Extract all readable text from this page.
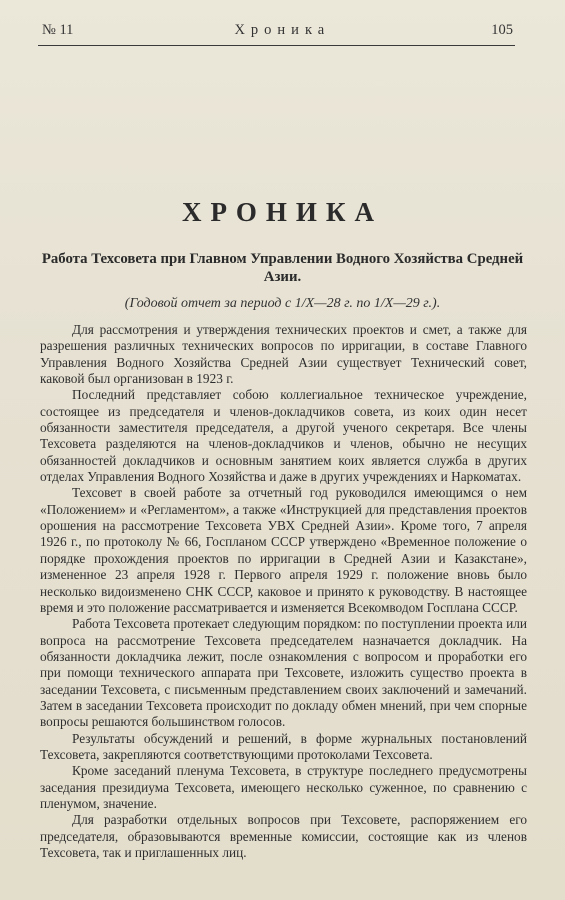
№ 11	Хроника	105
ХРОНИКА
Работа Техсовета при Главном Управлении Водного Хозяйства Средней Азии.
(Годовой отчет за период с 1/X—28 г. по 1/X—29 г.).

Для рассмотрения и утверждения технических проектов и смет, а также для разрешения различных технических вопросов по ирригации, в составе Главного Управления Водного Хозяйства Средней Азии существует Технический совет, каковой был организован в 1923 г.

Последний представляет собою коллегиальное техническое учреждение, состоящее из председателя и членов-докладчиков совета, из коих один несет обязанности заместителя председателя, а другой ученого секретаря. Все члены Техсовета разделяются на членов-докладчиков и членов, обычно не несущих обязанностей докладчиков и основным занятием коих является служба в других отделах Управления Водного Хозяйства и даже в других учреждениях и Наркоматах.

Техсовет в своей работе за отчетный год руководился имеющимся о нем «Положением» и «Регламентом», а также «Инструкцией для представления проектов орошения на рассмотрение Техсовета УВХ Средней Азии». Кроме того, 7 апреля 1926 г., по протоколу № 66, Госпланом СССР утверждено «Временное положение о порядке прохождения проектов по ирригации в Средней Азии и Казакстане», измененное 23 апреля 1928 г. Первого апреля 1929 г. положение вновь было несколько видоизменено СНК СССР, каковое и принято к руководству. В настоящее время и это положение рассматривается и изменяется Всекомводом Госплана СССР.

Работа Техсовета протекает следующим порядком: по поступлении проекта или вопроса на рассмотрение Техсовета председателем назначается докладчик. На обязанности докладчика лежит, после ознакомления с вопросом и проработки его при помощи технического аппарата при Техсовете, изложить существо проекта в заседании Техсовета, с письменным представлением своих заключений и замечаний. Затем в заседании Техсовета происходит по докладу обмен мнений, при чем спорные вопросы решаются большинством голосов.

Результаты обсуждений и решений, в форме журнальных постановлений Техсовета, закрепляются соответствующими протоколами Техсовета.

Кроме заседаний пленума Техсовета, в структуре последнего предусмотрены заседания президиума Техсовета, имеющего несколько суженное, по сравнению с пленумом, значение.

Для разработки отдельных вопросов при Техсовете, распоряжением его председателя, образовываются временные комиссии, состоящие как из членов Техсовета, так и приглашенных лиц.
